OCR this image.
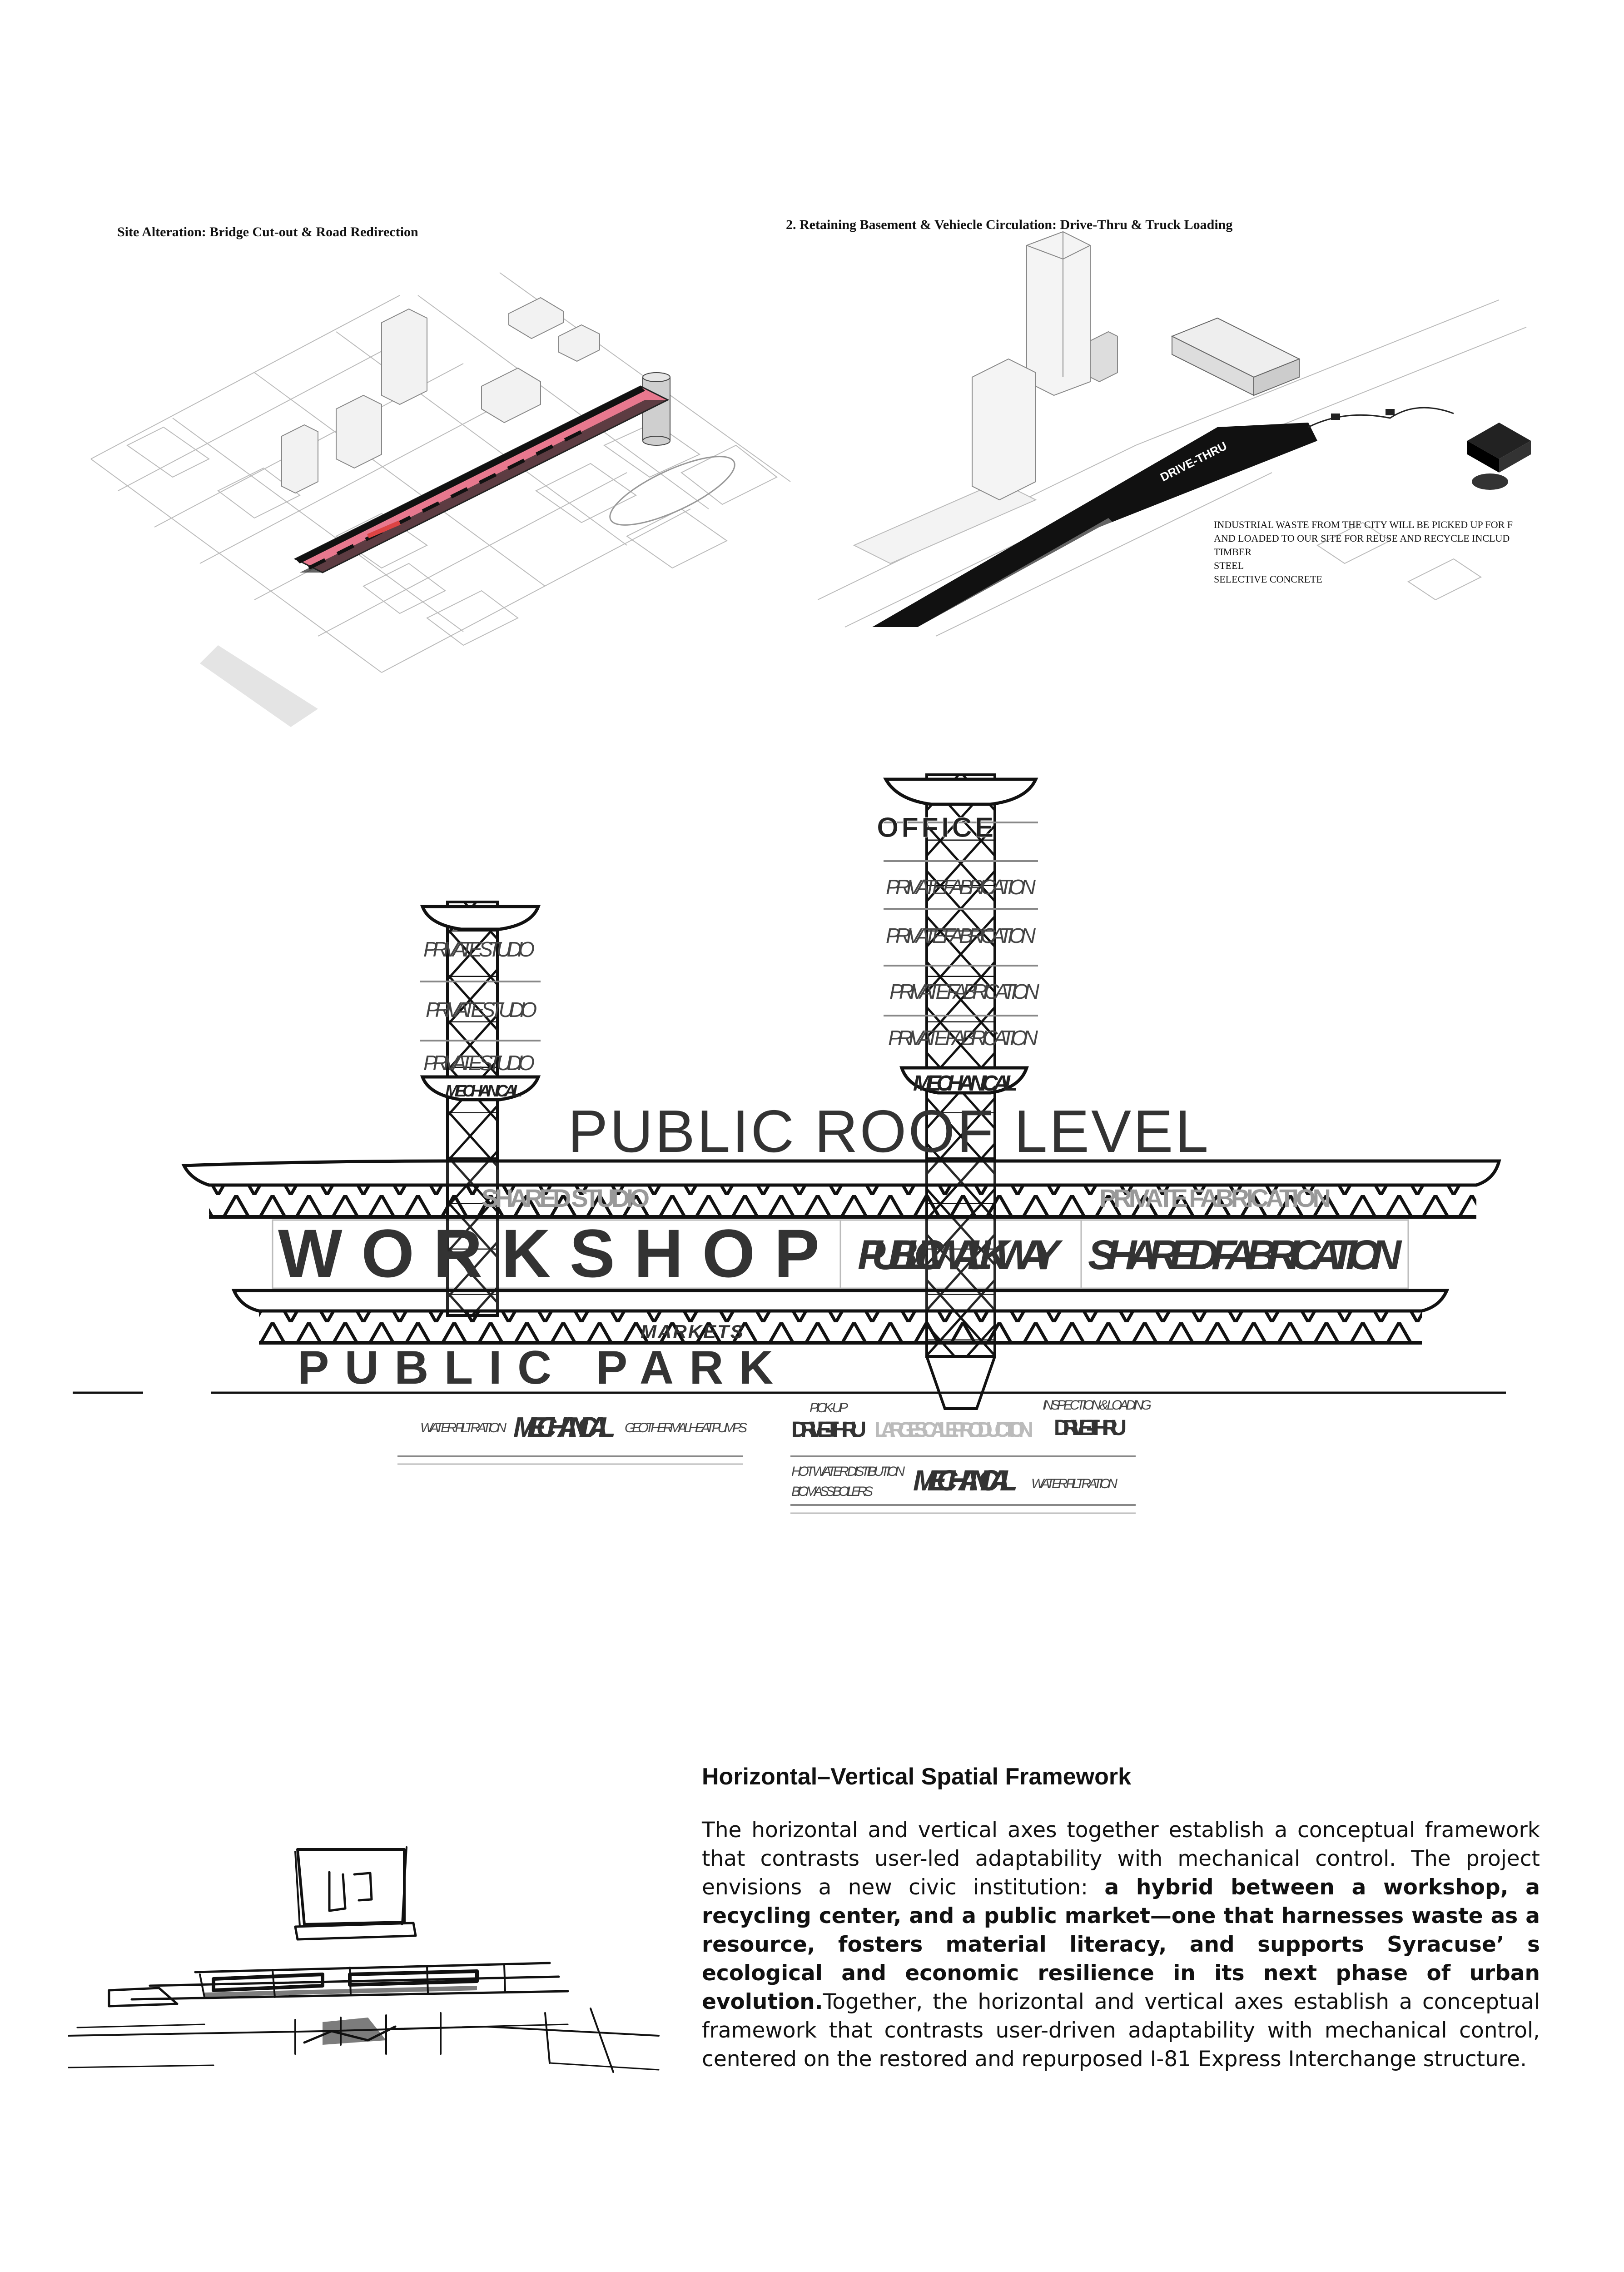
Site Alteration: Bridge Cut-out & Road Redirection	2. Retaining Basement & Vehiecle Circulation: Drive-Thru & Truck Loading
DRIVE-THRU
INDUSTRIAL WASTE FROM THE CITY WILL BE PICKED UP FOR F
AND LOADED TO OUR SITE FOR REUSE AND RECYCLE INCLUD
TIMBER
STEEL
SELECTIVE CONCRETE
OFFICE
PRIVATE FABRICATION
PRIVATE FABRICATION
PRIVATE FABRICATION
PRIVATE FABRICATION
PRIVATE STUDIO
PRIVATE STUDIO
PRIVATE STUDIO
MECHANICAL	MECHANICAL
PUBLIC ROOF LEVEL
SHARED STUDIO	PRIVATE FABRICATION
WORKSHOP PUBLIC WALKWAY SHARED FABRICATION
MARKETS
PUBLIC PARK
WATER FILTRATION MECHANICAL GEOTHERMAL HEAT PUMPS
PICK-UP
DRIVE-THRU LARGE SCALE PRODUCTION
INSPECTION & LOADING
DRIVE-THRU
HOT WATER DISTIBUTION
BIOMASS BOILERS MECHANICAL WATER FILTRATION
Horizontal–Vertical Spatial Framework
The horizontal and vertical axes together establish a conceptual framework that contrasts user-led adaptability with mechanical control. The project envisions a new civic institution: a hybrid between a workshop, a recycling center, and a public market—one that harnesses waste as a resource, fosters material literacy, and supports Syracuse’ s ecological and economic resilience in its next phase of urban evolution.Together, the horizontal and vertical axes establish a conceptual framework that contrasts user-driven adaptability with mechanical control, centered on the restored and repurposed I-81 Express Interchange structure.
